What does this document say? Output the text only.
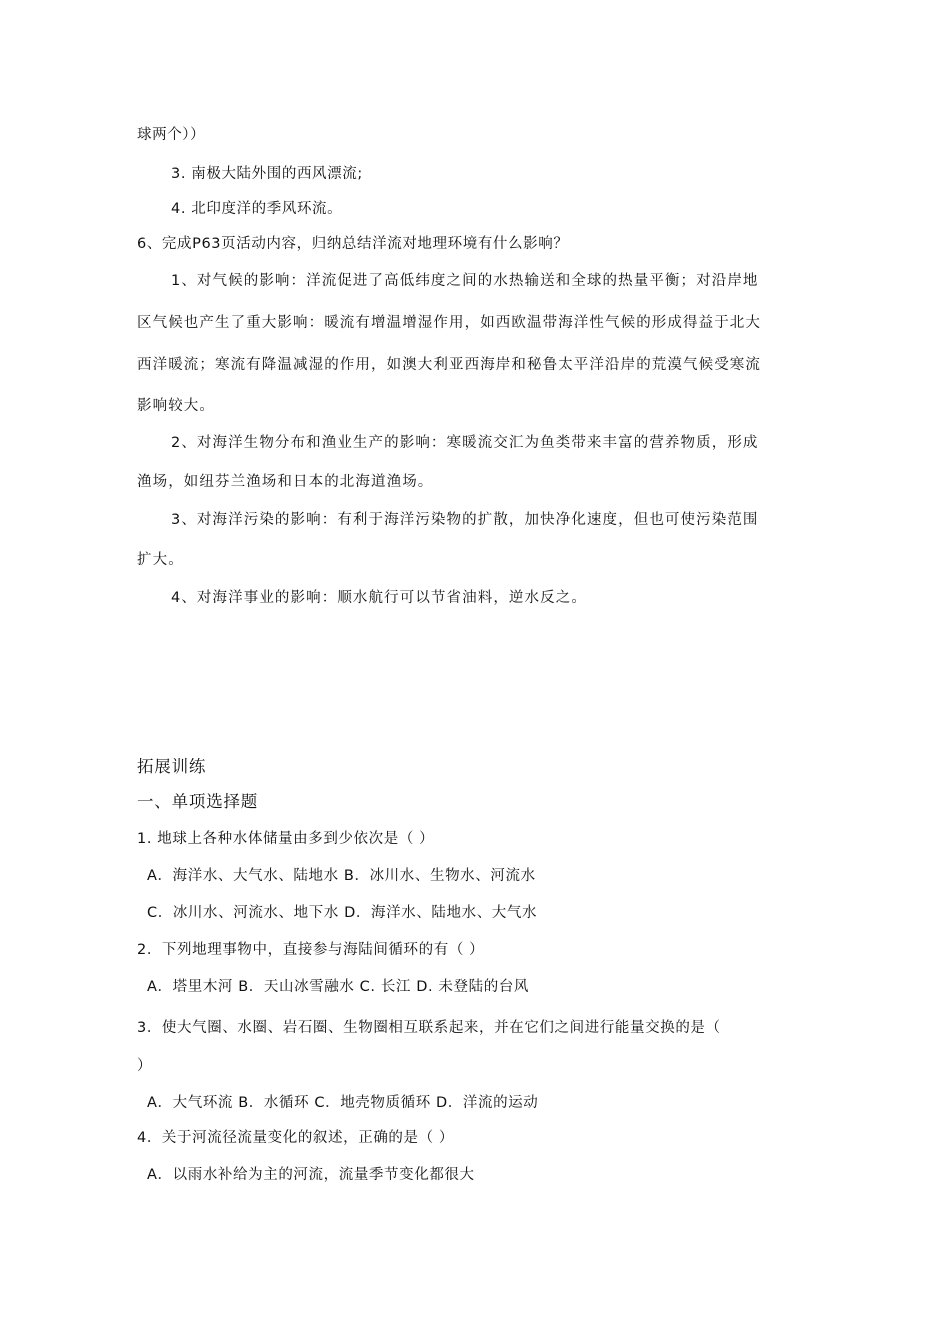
球两个））
3. 南极大陆外围的西风漂流;
4. 北印度洋的季风环流。
6、完成P63页活动内容，归纳总结洋流对地理环境有什么影响？
1、对气候的影响：洋流促进了高低纬度之间的水热输送和全球的热量平衡；对沿岸地
区气候也产生了重大影响：暖流有增温增湿作用，如西欧温带海洋性气候的形成得益于北大
西洋暖流；寒流有降温减湿的作用，如澳大利亚西海岸和秘鲁太平洋沿岸的荒漠气候受寒流
影响较大。
2、对海洋生物分布和渔业生产的影响：寒暖流交汇为鱼类带来丰富的营养物质，形成
渔场，如纽芬兰渔场和日本的北海道渔场。
3、对海洋污染的影响：有利于海洋污染物的扩散，加快净化速度，但也可使污染范围
扩大。
4、对海洋事业的影响：顺水航行可以节省油料，逆水反之。
拓展训练
一、单项选择题
1. 地球上各种水体储量由多到少依次是（ ）
A．海洋水、大气水、陆地水 B．冰川水、生物水、河流水
C．冰川水、河流水、地下水 D．海洋水、陆地水、大气水
2．下列地理事物中，直接参与海陆间循环的有（ ）
A．塔里木河 B．天山冰雪融水 C. 长江 D. 未登陆的台风
3．使大气圈、水圈、岩石圈、生物圈相互联系起来，并在它们之间进行能量交换的是（
）
A．大气环流 B．水循环 C．地壳物质循环 D．洋流的运动
4．关于河流径流量变化的叙述，正确的是（ ）
A．以雨水补给为主的河流，流量季节变化都很大
